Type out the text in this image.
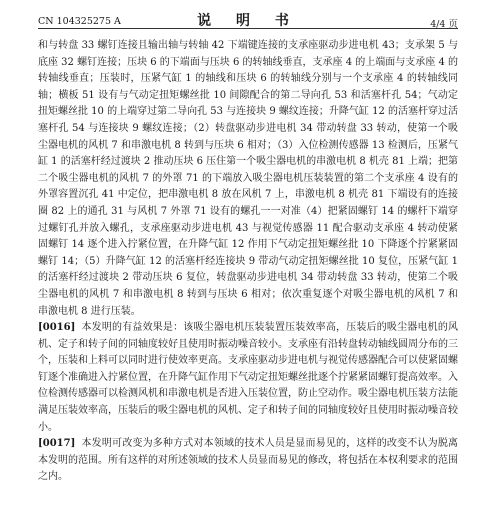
CN 104325275 A	说 明 书	4/4 页

和与转盘 33 螺钉连接且输出轴与转轴 42 下端键连接的支承座驱动步进电机 43；支承架 5 与底座 32 螺钉连接；压块 6 的下端面与压块 6 的转轴线垂直，支承座 4 的上端面与支承座 4 的转轴线垂直；压装时，压紧气缸 1 的轴线和压块 6 的转轴线分别与一个支承座 4 的转轴线同轴；横板 51 设有与气动定扭矩螺丝批 10 间隙配合的第二导向孔 53 和活塞杆孔 54；气动定扭矩螺丝批 10 的上端穿过第二导向孔 53 与连接块 9 螺纹连接；升降气缸 12 的活塞杆穿过活塞杆孔 54 与连接块 9 螺纹连接；（2）转盘驱动步进电机 34 带动转盘 33 转动，使第一个吸尘器电机的风机 7 和串激电机 8 转到与压块 6 相对；（3）入位检测传感器 13 检测后，压紧气缸 1 的活塞杆经过渡块 2 推动压块 6 压住第一个吸尘器电机的串激电机 8 机壳 81 上端；把第二个吸尘器电机的风机 7 的外罩 71 的下端放入吸尘器电机压装装置的第二个支承座 4 设有的外罩容置沉孔 41 中定位，把串激电机 8 放在风机 7 上，串激电机 8 机壳 81 下端设有的连接圈 82 上的通孔 31 与风机 7 外罩 71 设有的螺孔一一对准（4）把紧固螺钉 14 的螺杆下端穿过螺钉孔并放入螺孔，支承座驱动步进电机 43 与视觉传感器 11 配合驱动支承座 4 转动使紧固螺钉 14 逐个进入拧紧位置，在升降气缸 12 作用下气动定扭矩螺丝批 10 下降逐个拧紧紧固螺钉 14；（5）升降气缸 12 的活塞杆经连接块 9 带动气动定扭矩螺丝批 10 复位，压紧气缸 1 的活塞杆经过渡块 2 带动压块 6 复位，转盘驱动步进电机 34 带动转盘 33 转动，使第二个吸尘器电机的风机 7 和串激电机 8 转到与压块 6 相对；依次重复逐个对吸尘器电机的风机 7 和串激电机 8 进行压装。

[0016] 本发明的有益效果是：该吸尘器电机压装装置压装效率高，压装后的吸尘器电机的风机、定子和转子间的同轴度较好且使用时振动噪音较小。支承座有沿转盘转动轴线圆周分布的三个，压装和上料可以同时进行使效率更高。支承座驱动步进电机与视觉传感器配合可以使紧固螺钉逐个准确进入拧紧位置，在升降气缸作用下气动定扭矩螺丝批逐个拧紧紧固螺钉提高效率。入位检测传感器可以检测风机和串激电机是否进入压装位置，防止空动作。吸尘器电机压装方法能满足压装效率高，压装后的吸尘器电机的风机、定子和转子间的同轴度较好且使用时振动噪音较小。

[0017] 本发明可改变为多种方式对本领域的技术人员是显而易见的，这样的改变不认为脱离本发明的范围。所有这样的对所述领域的技术人员显而易见的修改，将包括在本权利要求的范围之内。
